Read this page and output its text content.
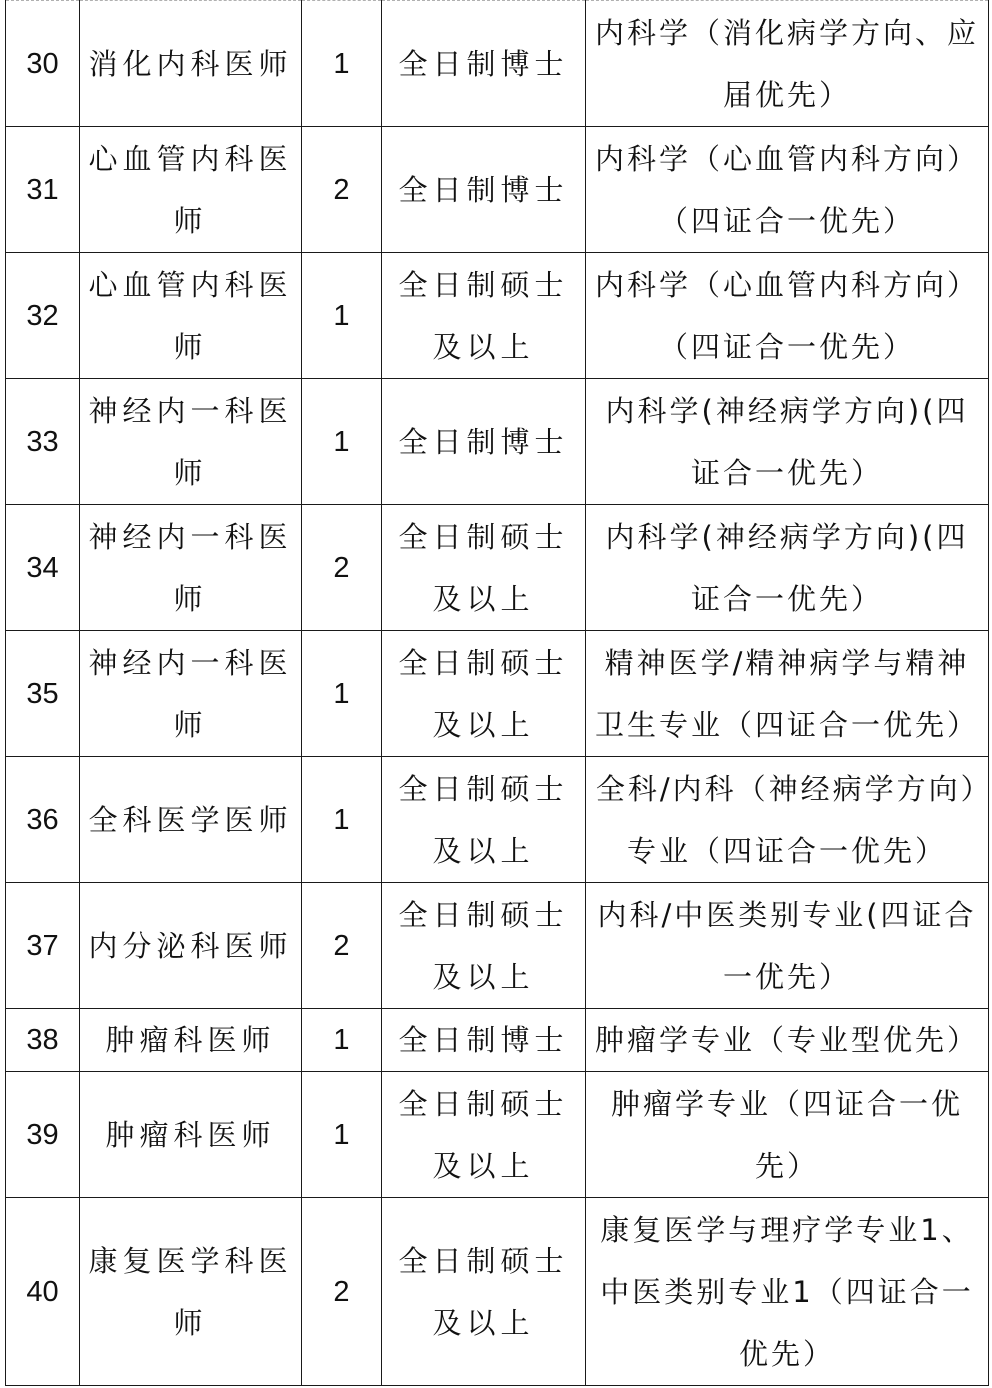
30	消化内科医师	1	全日制博士	内科学（消化病学方向、应届优先）
31	心血管内科医师	2	全日制博士	内科学（心血管内科方向）（四证合一优先）
32	心血管内科医师	1	全日制硕士及以上	内科学（心血管内科方向）（四证合一优先）
33	神经内一科医师	1	全日制博士	内科学(神经病学方向)(四证合一优先）
34	神经内一科医师	2	全日制硕士及以上	内科学(神经病学方向)(四证合一优先）
35	神经内一科医师	1	全日制硕士及以上	精神医学/精神病学与精神卫生专业（四证合一优先）
36	全科医学医师	1	全日制硕士及以上	全科/内科（神经病学方向）专业（四证合一优先）
37	内分泌科医师	2	全日制硕士及以上	内科/中医类别专业(四证合一优先）
38	肿瘤科医师	1	全日制博士	肿瘤学专业（专业型优先）
39	肿瘤科医师	1	全日制硕士及以上	肿瘤学专业（四证合一优先）
40	康复医学科医师	2	全日制硕士及以上	康复医学与理疗学专业1、中医类别专业1（四证合一优先）
